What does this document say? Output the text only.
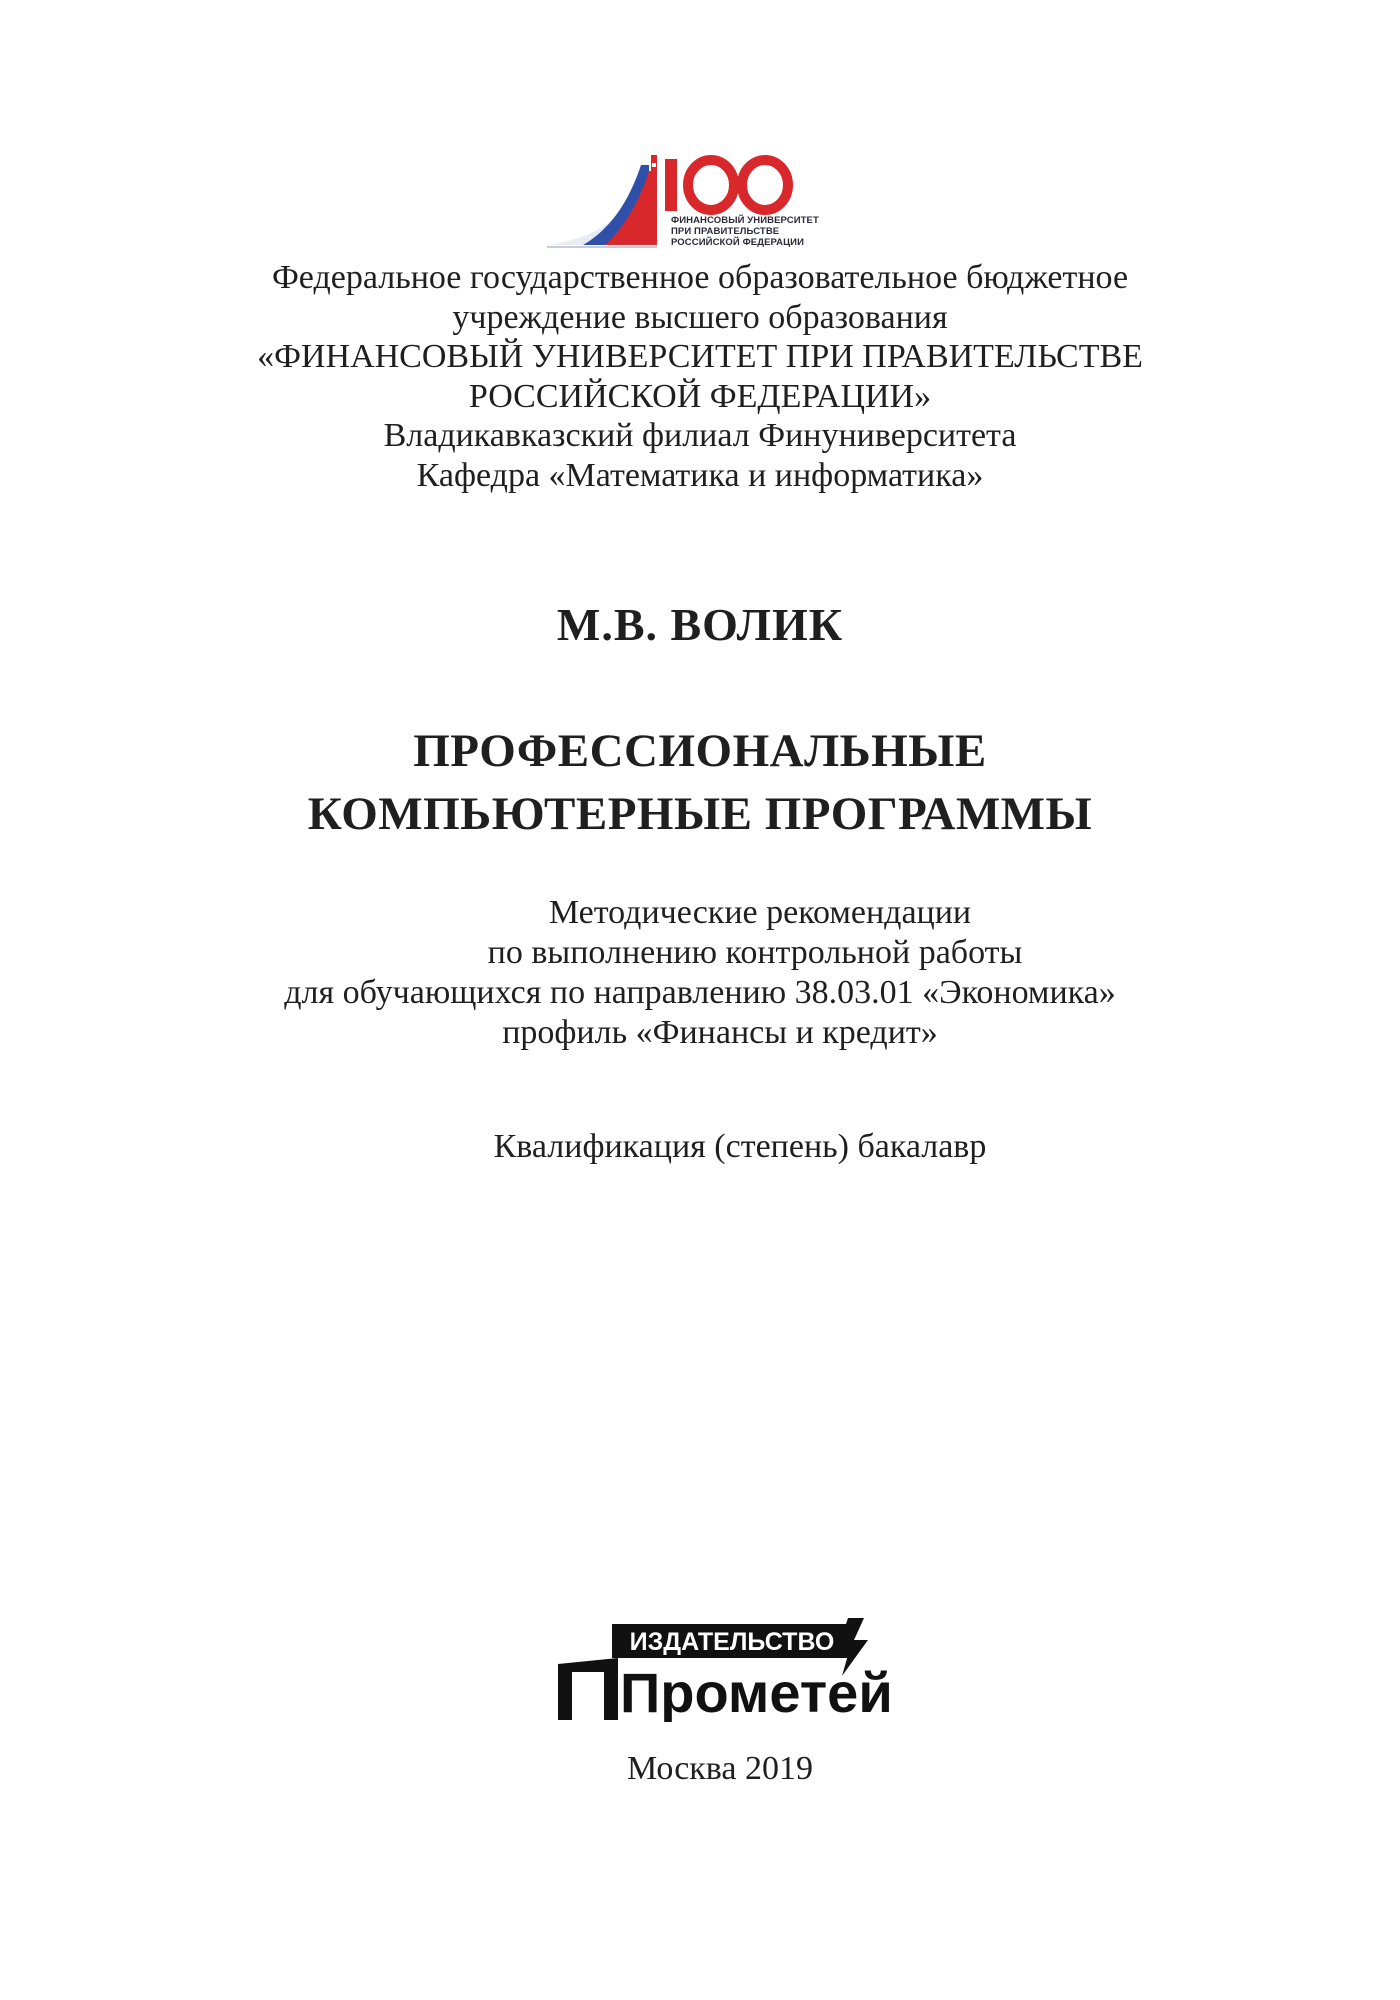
ФИНАНСОВЫЙ УНИВЕРСИТЕТ
ПРИ ПРАВИТЕЛЬСТВЕ
РОССИЙСКОЙ ФЕДЕРАЦИИ
Федеральное государственное образовательное бюджетное
учреждение высшего образования
«ФИНАНСОВЫЙ УНИВЕРСИТЕТ ПРИ ПРАВИТЕЛЬСТВЕ
РОССИЙСКОЙ ФЕДЕРАЦИИ»
Владикавказский филиал Финуниверситета
Кафедра «Математика и информатика»
М.В. ВОЛИК
ПРОФЕССИОНАЛЬНЫЕ
КОМПЬЮТЕРНЫЕ ПРОГРАММЫ
Методические рекомендации
по выполнению контрольной работы
для обучающихся по направлению 38.03.01 «Экономика»
профиль «Финансы и кредит»
Квалификация (степень) бакалавр
ИЗДАТЕЛЬСТВО
Прометей
Москва 2019
